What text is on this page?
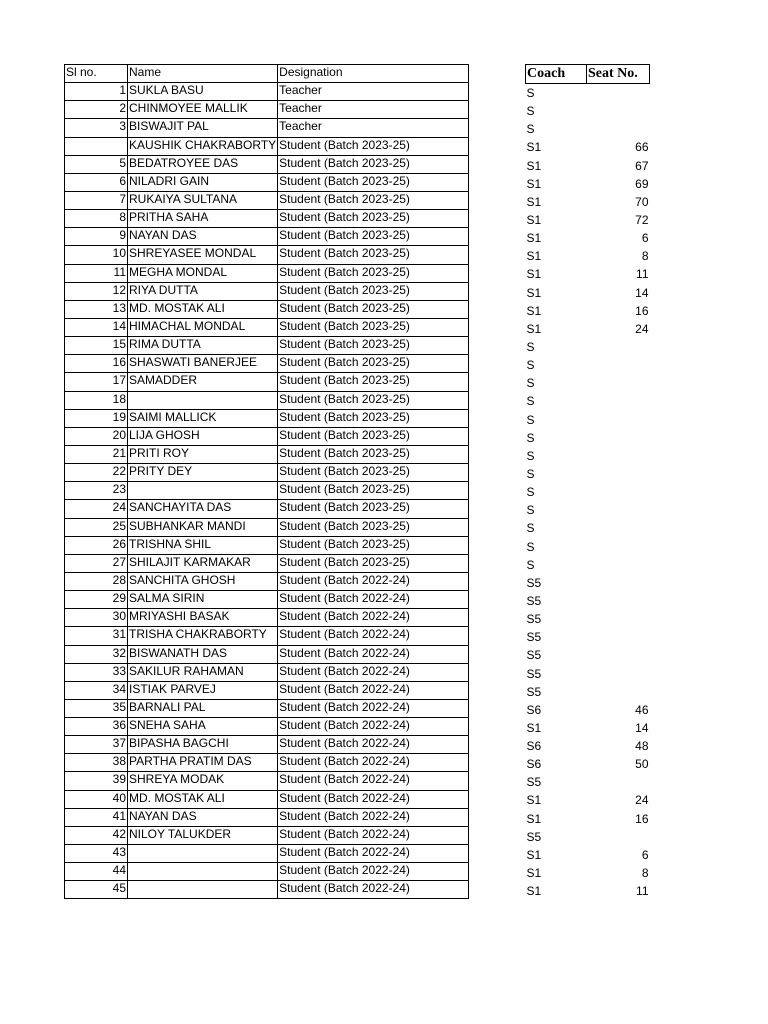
Sl no.	Name	Designation
1	SUKLA BASU	Teacher
2	CHINMOYEE MALLIK	Teacher
3	BISWAJIT PAL	Teacher
	KAUSHIK CHAKRABORTY	Student (Batch 2023-25)
5	BEDATROYEE DAS	Student (Batch 2023-25)
6	NILADRI GAIN	Student (Batch 2023-25)
7	RUKAIYA SULTANA	Student (Batch 2023-25)
8	PRITHA SAHA	Student (Batch 2023-25)
9	NAYAN DAS	Student (Batch 2023-25)
10	SHREYASEE MONDAL	Student (Batch 2023-25)
11	MEGHA MONDAL	Student (Batch 2023-25)
12	RIYA DUTTA	Student (Batch 2023-25)
13	MD. MOSTAK ALI	Student (Batch 2023-25)
14	HIMACHAL MONDAL	Student (Batch 2023-25)
15	RIMA DUTTA	Student (Batch 2023-25)
16	SHASWATI BANERJEE	Student (Batch 2023-25)
17	SAMADDER	Student (Batch 2023-25)
18		Student (Batch 2023-25)
19	SAIMI MALLICK	Student (Batch 2023-25)
20	LIJA GHOSH	Student (Batch 2023-25)
21	PRITI ROY	Student (Batch 2023-25)
22	PRITY DEY	Student (Batch 2023-25)
23		Student (Batch 2023-25)
24	SANCHAYITA DAS	Student (Batch 2023-25)
25	SUBHANKAR MANDI	Student (Batch 2023-25)
26	TRISHNA SHIL	Student (Batch 2023-25)
27	SHILAJIT KARMAKAR	Student (Batch 2023-25)
28	SANCHITA GHOSH	Student (Batch 2022-24)
29	SALMA SIRIN	Student (Batch 2022-24)
30	MRIYASHI BASAK	Student (Batch 2022-24)
31	TRISHA CHAKRABORTY	Student (Batch 2022-24)
32	BISWANATH DAS	Student (Batch 2022-24)
33	SAKILUR RAHAMAN	Student (Batch 2022-24)
34	ISTIAK PARVEJ	Student (Batch 2022-24)
35	BARNALI PAL	Student (Batch 2022-24)
36	SNEHA SAHA	Student (Batch 2022-24)
37	BIPASHA BAGCHI	Student (Batch 2022-24)
38	PARTHA PRATIM DAS	Student (Batch 2022-24)
39	SHREYA MODAK	Student (Batch 2022-24)
40	MD. MOSTAK ALI	Student (Batch 2022-24)
41	NAYAN DAS	Student (Batch 2022-24)
42	NILOY TALUKDER	Student (Batch 2022-24)
43		Student (Batch 2022-24)
44		Student (Batch 2022-24)
45		Student (Batch 2022-24)
Coach	Seat No.
S	
S	
S	
S1	66
S1	67
S1	69
S1	70
S1	72
S1	6
S1	8
S1	11
S1	14
S1	16
S1	24
S	
S	
S	
S	
S	
S	
S	
S	
S	
S	
S	
S	
S	
S5	
S5	
S5	
S5	
S5	
S5	
S5	
S6	46
S1	14
S6	48
S6	50
S5	
S1	24
S1	16
S5	
S1	6
S1	8
S1	11
